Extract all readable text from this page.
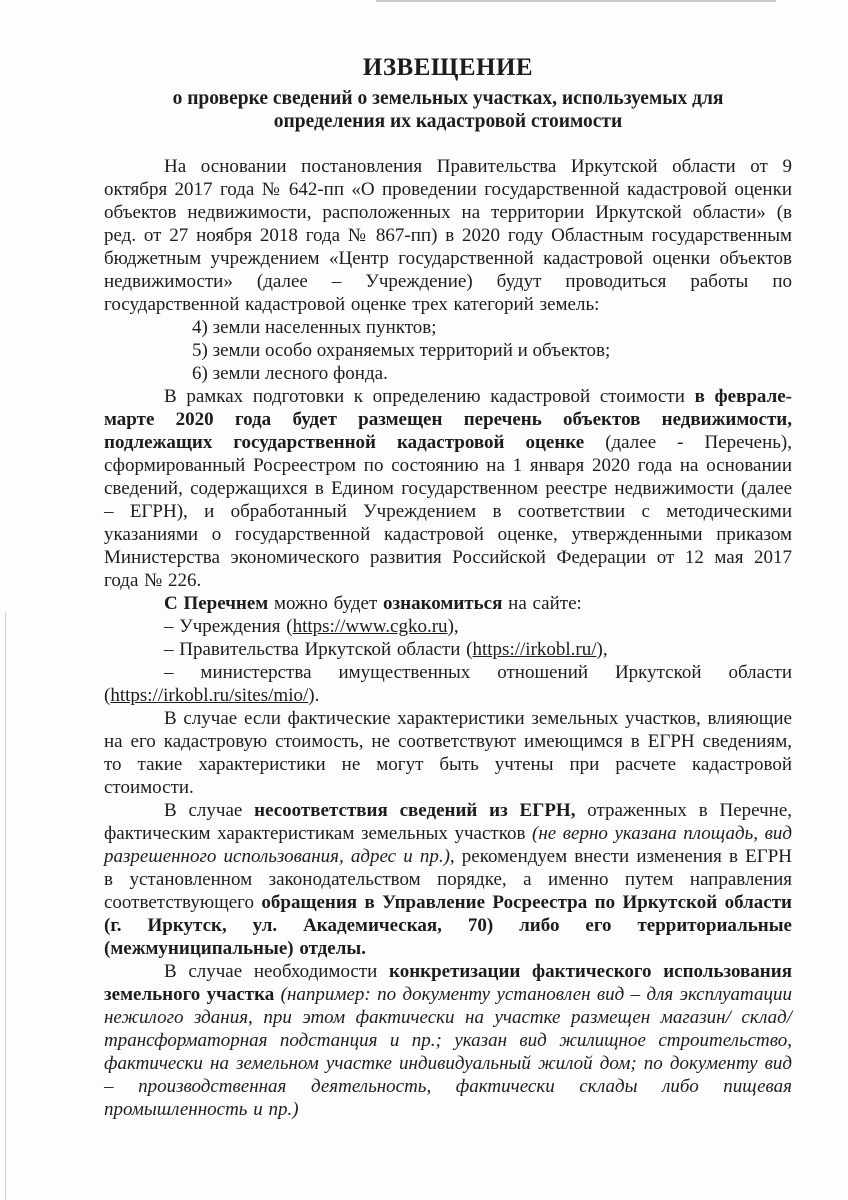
ИЗВЕЩЕНИЕ
о проверке сведений о земельных участках, используемых для
определения их кадастровой стоимости

На основании постановления Правительства Иркутской области от 9 октября 2017 года № 642-пп «О проведении государственной кадастровой оценки объектов недвижимости, расположенных на территории Иркутской области» (в ред. от 27 ноября 2018 года № 867-пп) в 2020 году Областным государственным бюджетным учреждением «Центр государственной кадастровой оценки объектов недвижимости» (далее – Учреждение) будут проводиться работы по государственной кадастровой оценке трех категорий земель:

4) земли населенных пунктов;

5) земли особо охраняемых территорий и объектов;

6) земли лесного фонда.

В рамках подготовки к определению кадастровой стоимости в феврале-марте 2020 года будет размещен перечень объектов недвижимости, подлежащих государственной кадастровой оценке (далее - Перечень), сформированный Росреестром по состоянию на 1 января 2020 года на основании сведений, содержащихся в Едином государственном реестре недвижимости (далее – ЕГРН), и обработанный Учреждением в соответствии с методическими указаниями о государственной кадастровой оценке, утвержденными приказом Министерства экономического развития Российской Федерации от 12 мая 2017 года № 226.

С Перечнем можно будет ознакомиться на сайте:

– Учреждения (https://www.cgko.ru),

– Правительства Иркутской области (https://irkobl.ru/),

– министерства имущественных отношений Иркутской области (https://irkobl.ru/sites/mio/).

В случае если фактические характеристики земельных участков, влияющие на его кадастровую стоимость, не соответствуют имеющимся в ЕГРН сведениям, то такие характеристики не могут быть учтены при расчете кадастровой стоимости.

В случае несоответствия сведений из ЕГРН, отраженных в Перечне, фактическим характеристикам земельных участков (не верно указана площадь, вид разрешенного использования, адрес и пр.), рекомендуем внести изменения в ЕГРН в установленном законодательством порядке, а именно путем направления соответствующего обращения в Управление Росреестра по Иркутской области (г. Иркутск, ул. Академическая, 70) либо его территориальные (межмуниципальные) отделы.

В случае необходимости конкретизации фактического использования земельного участка (например: по документу установлен вид – для эксплуатации нежилого здания, при этом фактически на участке размещен магазин/ склад/ трансформаторная подстанция и пр.; указан вид жилищное строительство, фактически на земельном участке индивидуальный жилой дом; по документу вид – производственная деятельность, фактически склады либо пищевая промышленность и пр.)
